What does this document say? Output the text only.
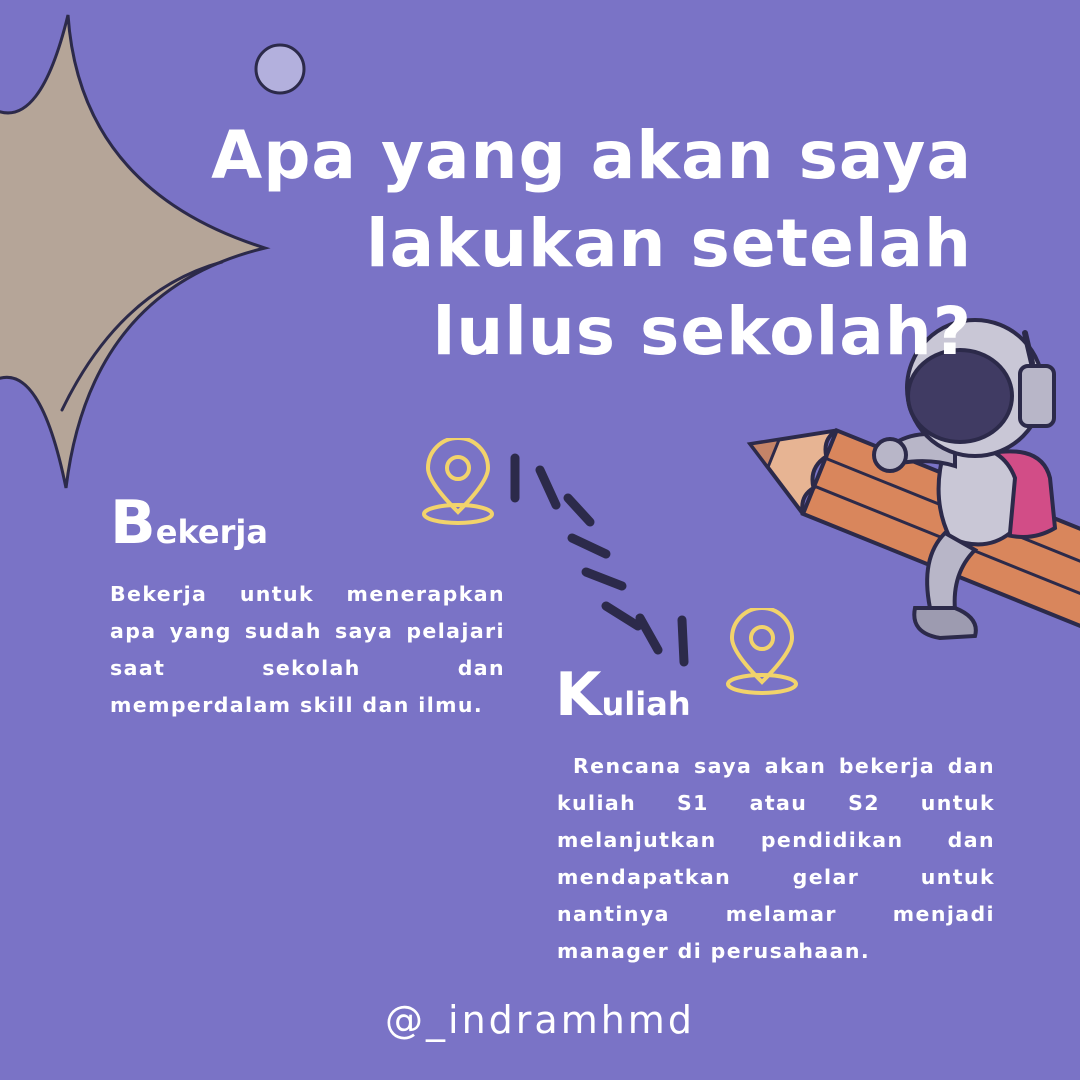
Apa yang akan saya
lakukan setelah
lulus sekolah?
Bekerja
Bekerja untuk menerapkan apa yang sudah saya pelajari saat sekolah dan memperdalam skill dan ilmu.	Kuliah
Rencana saya akan bekerja dan kuliah S1 atau S2 untuk melanjutkan pendidikan dan mendapatkan gelar untuk nantinya melamar menjadi manager di perusahaan.
@_indramhmd
